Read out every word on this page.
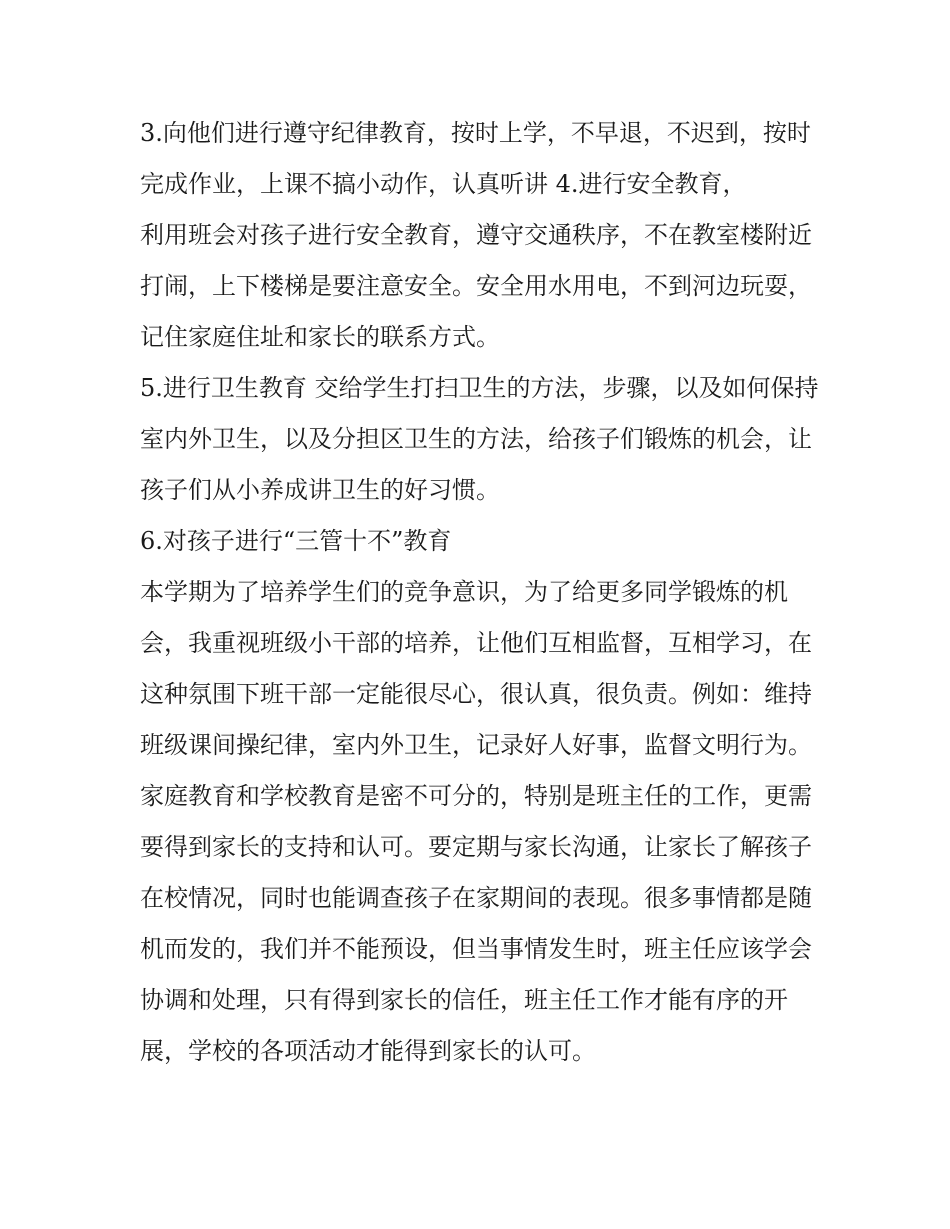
3.向他们进行遵守纪律教育，按时上学，不早退，不迟到，按时完成作业，上课不搞小动作，认真听讲 4.进行安全教育，

利用班会对孩子进行安全教育，遵守交通秩序，不在教室楼附近打闹，上下楼梯是要注意安全。安全用水用电，不到河边玩耍，记住家庭住址和家长的联系方式。

5.进行卫生教育 交给学生打扫卫生的方法，步骤，以及如何保持室内外卫生，以及分担区卫生的方法，给孩子们锻炼的机会，让孩子们从小养成讲卫生的好习惯。

6.对孩子进行“三管十不”教育

本学期为了培养学生们的竞争意识，为了给更多同学锻炼的机会，我重视班级小干部的培养，让他们互相监督，互相学习，在这种氛围下班干部一定能很尽心，很认真，很负责。例如：维持班级课间操纪律，室内外卫生，记录好人好事，监督文明行为。

家庭教育和学校教育是密不可分的，特别是班主任的工作，更需要得到家长的支持和认可。要定期与家长沟通，让家长了解孩子在校情况，同时也能调查孩子在家期间的表现。很多事情都是随机而发的，我们并不能预设，但当事情发生时，班主任应该学会协调和处理，只有得到家长的信任，班主任工作才能有序的开展，学校的各项活动才能得到家长的认可。
